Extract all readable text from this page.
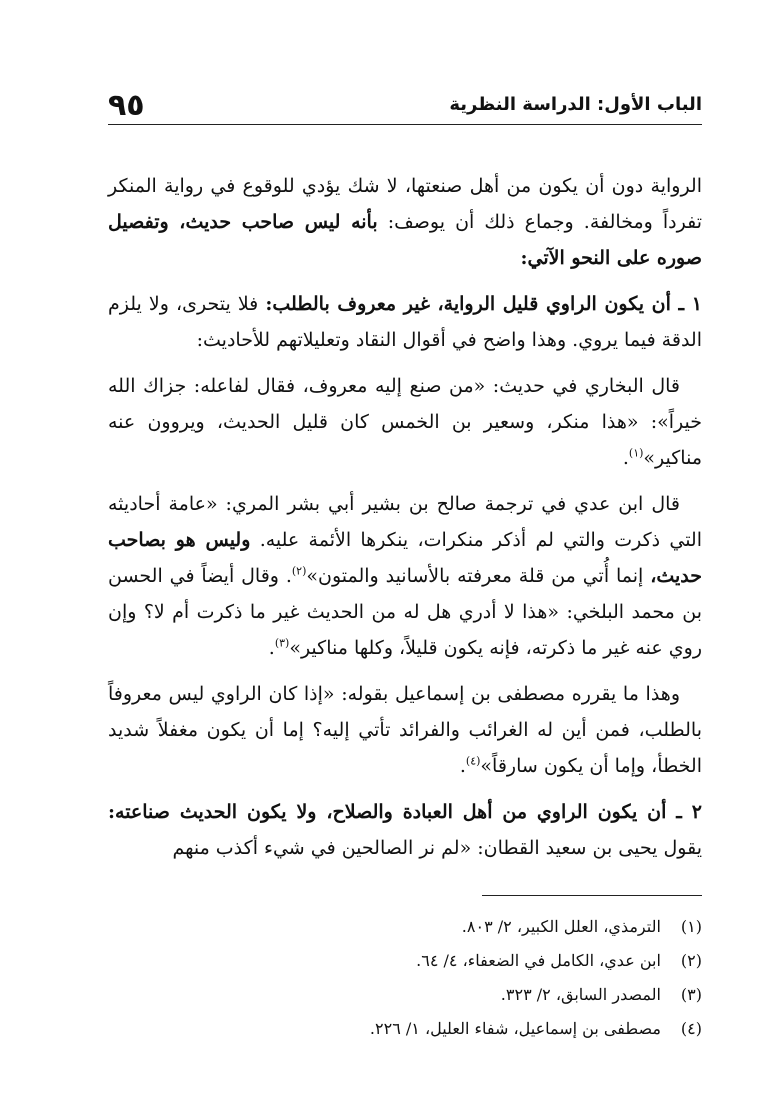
٩٥	الباب الأول: الدراسة النظرية

الرواية دون أن يكون من أهل صنعتها، لا شك يؤدي للوقوع في رواية المنكر تفرداً ومخالفة. وجماع ذلك أن يوصف: بأنه ليس صاحب حديث، وتفصيل صوره على النحو الآتي:

١ ـ أن يكون الراوي قليل الرواية، غير معروف بالطلب: فلا يتحرى، ولا يلزم الدقة فيما يروي. وهذا واضح في أقوال النقاد وتعليلاتهم للأحاديث:

قال البخاري في حديث: «من صنع إليه معروف، فقال لفاعله: جزاك الله خيراً»: «هذا منكر، وسعير بن الخمس كان قليل الحديث، ويروون عنه مناكير»$^{(١)}$.

قال ابن عدي في ترجمة صالح بن بشير أبي بشر المري: «عامة أحاديثه التي ذكرت والتي لم أذكر منكرات، ينكرها الأئمة عليه. وليس هو بصاحب حديث، إنما أُتي من قلة معرفته بالأسانيد والمتون»$^{(٢)}$. وقال أيضاً في الحسن بن محمد البلخي: «هذا لا أدري هل له من الحديث غير ما ذكرت أم لا؟ وإن روي عنه غير ما ذكرته، فإنه يكون قليلاً، وكلها مناكير»$^{(٣)}$.

وهذا ما يقرره مصطفى بن إسماعيل بقوله: «إذا كان الراوي ليس معروفاً بالطلب، فمن أين له الغرائب والفرائد تأتي إليه؟ إما أن يكون مغفلاً شديد الخطأ، وإما أن يكون سارقاً»$^{(٤)}$.

٢ ـ أن يكون الراوي من أهل العبادة والصلاح، ولا يكون الحديث صناعته: يقول يحيى بن سعيد القطان: «لم نر الصالحين في شيء أكذب منهم

(١) الترمذي، العلل الكبير، ٢/ ٨٠٣.
(٢) ابن عدي، الكامل في الضعفاء، ٤/ ٦٤.
(٣) المصدر السابق، ٢/ ٣٢٣.
(٤) مصطفى بن إسماعيل، شفاء العليل، ١/ ٢٢٦.
